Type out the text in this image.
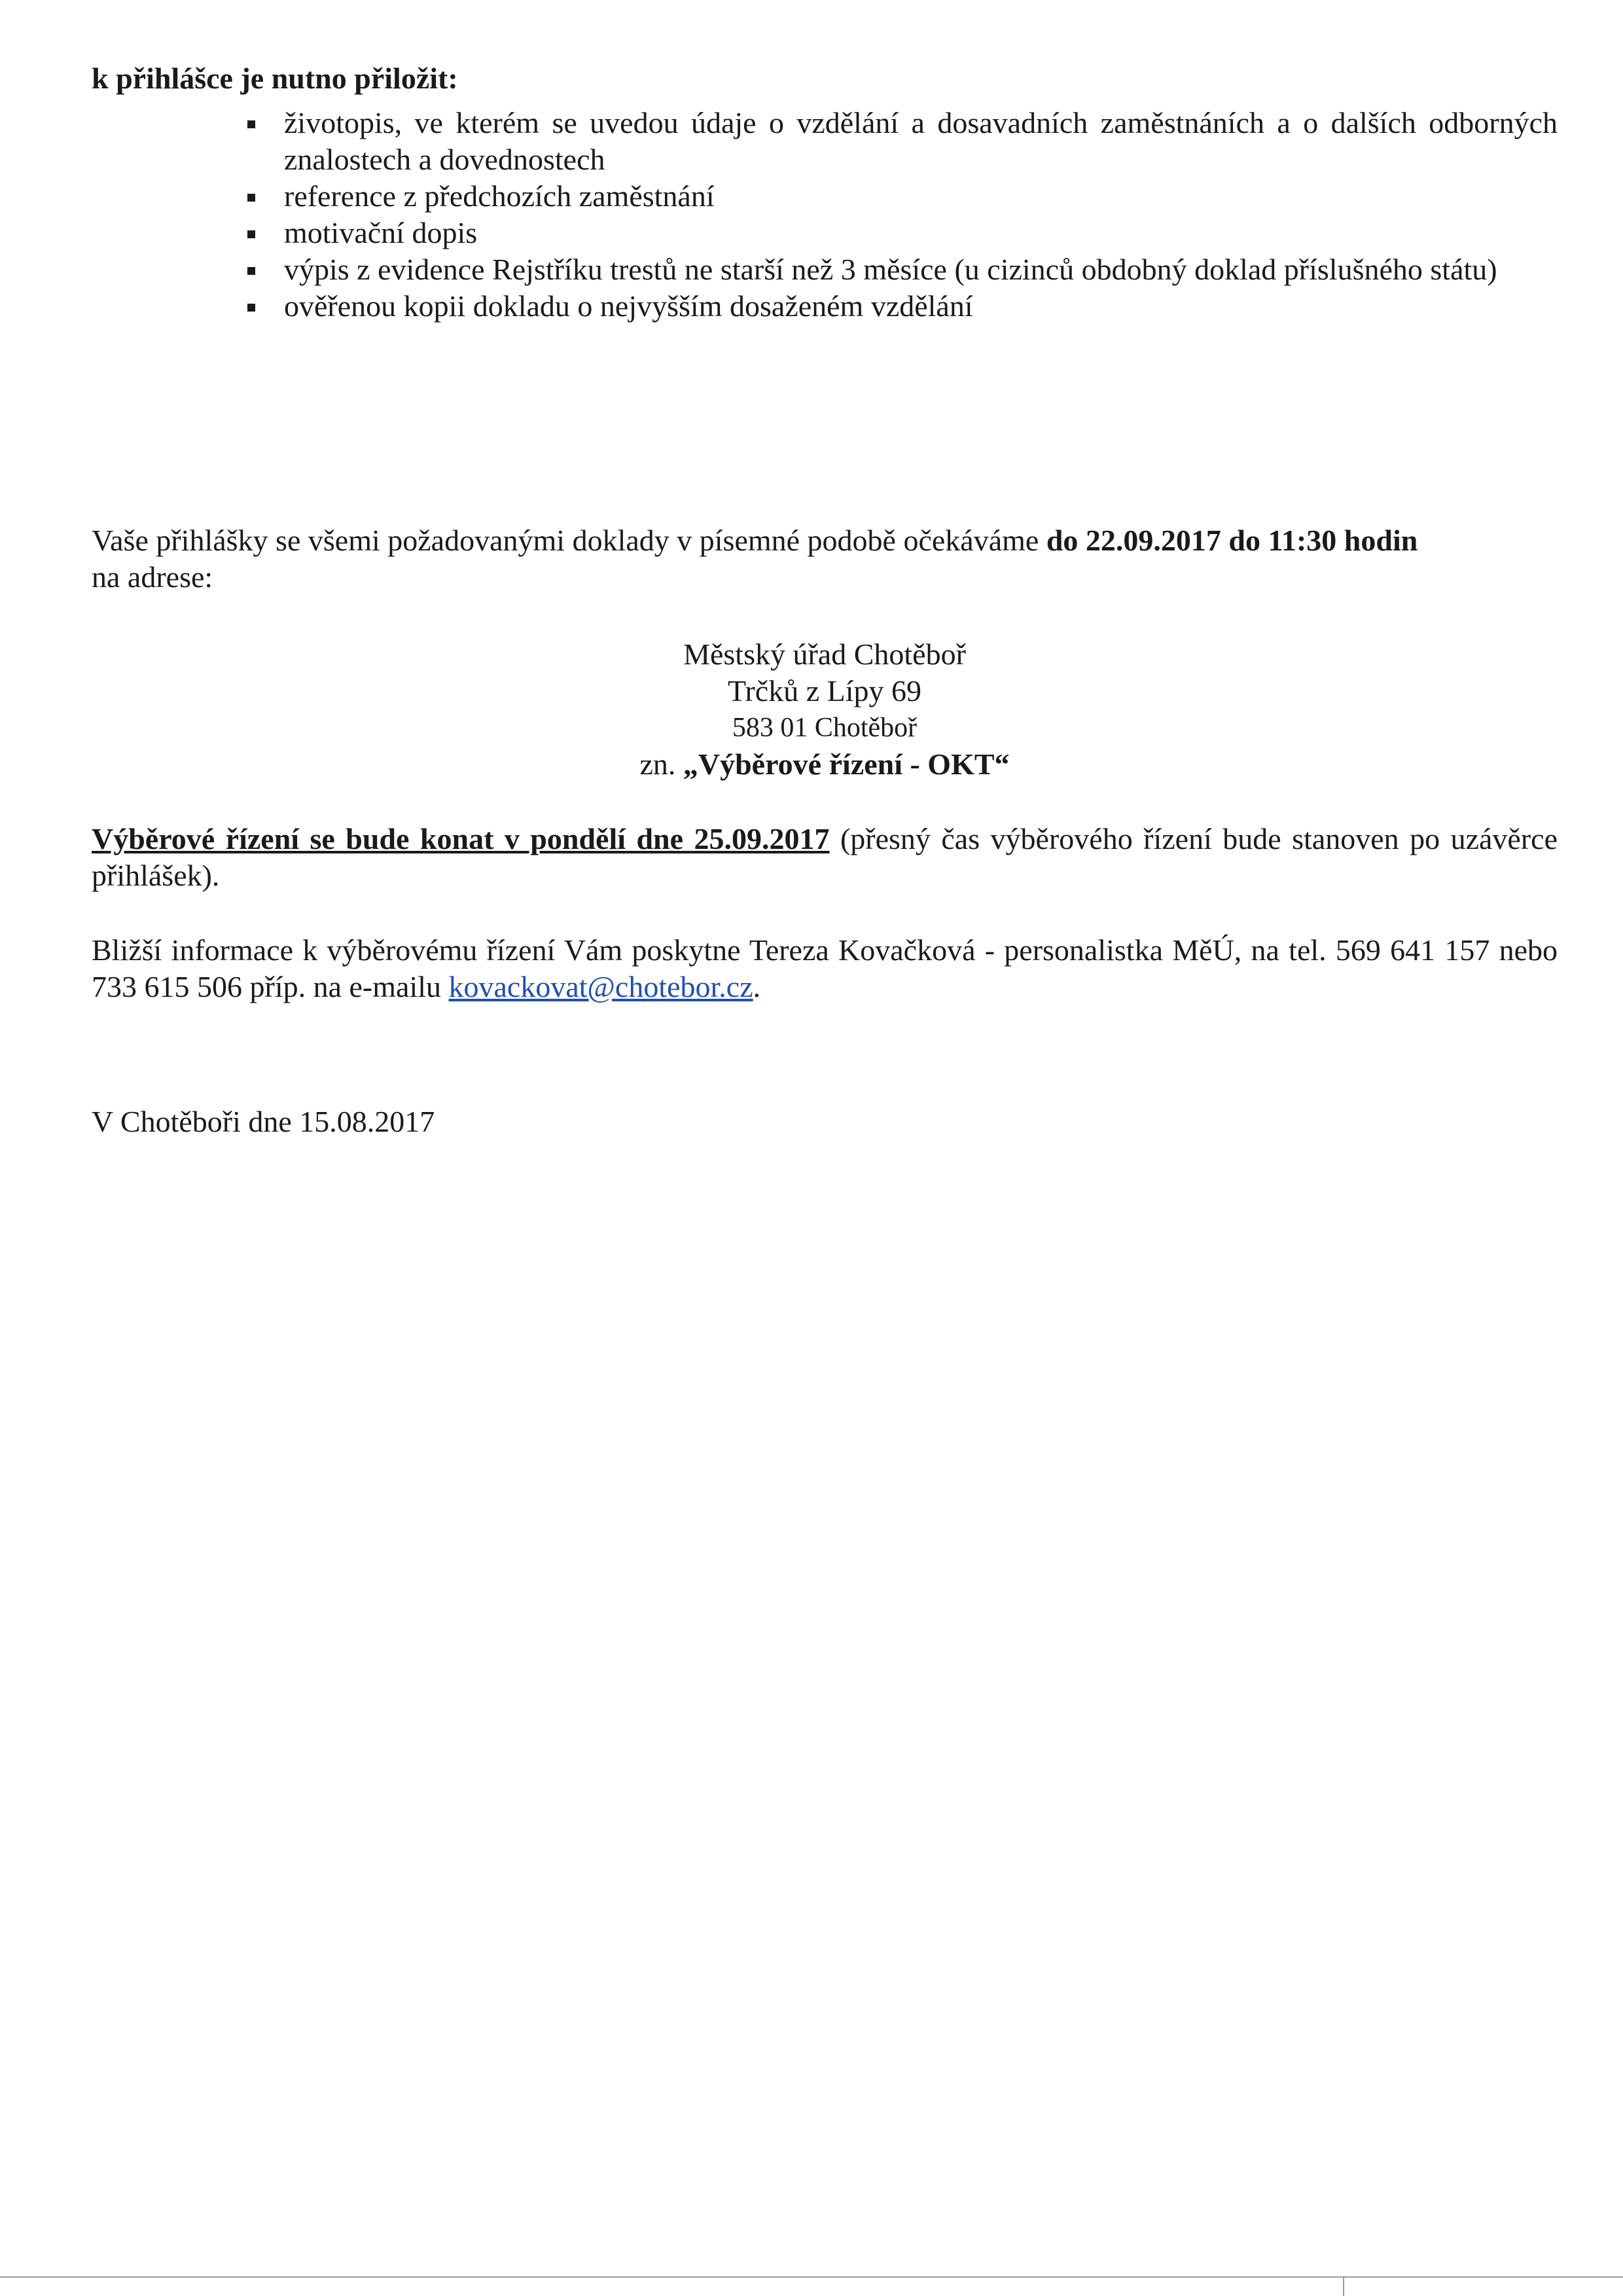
k přihlášce je nutno přiložit:
životopis, ve kterém se uvedou údaje o vzdělání a dosavadních zaměstnáních a o dalších odborných znalostech a dovednostech
reference z předchozích zaměstnání
motivační dopis
výpis z evidence Rejstříku trestů ne starší než 3 měsíce (u cizinců obdobný doklad příslušného státu)
ověřenou kopii dokladu o nejvyšším dosaženém vzdělání

Vaše přihlášky se všemi požadovanými doklady v písemné podobě očekáváme do 22.09.2017 do 11:30 hodin
na adrese:

Městský úřad Chotěboř
Trčků z Lípy 69
583 01 Chotěboř
zn. „Výběrové řízení - OKT“

Výběrové řízení se bude konat v pondělí dne 25.09.2017 (přesný čas výběrového řízení bude stanoven po uzávěrce přihlášek).

Bližší informace k výběrovému řízení Vám poskytne Tereza Kovačková - personalistka MěÚ, na tel. 569 641 157 nebo 733 615 506 příp. na e-mailu kovackovat@chotebor.cz.

V Chotěboři dne 15.08.2017
